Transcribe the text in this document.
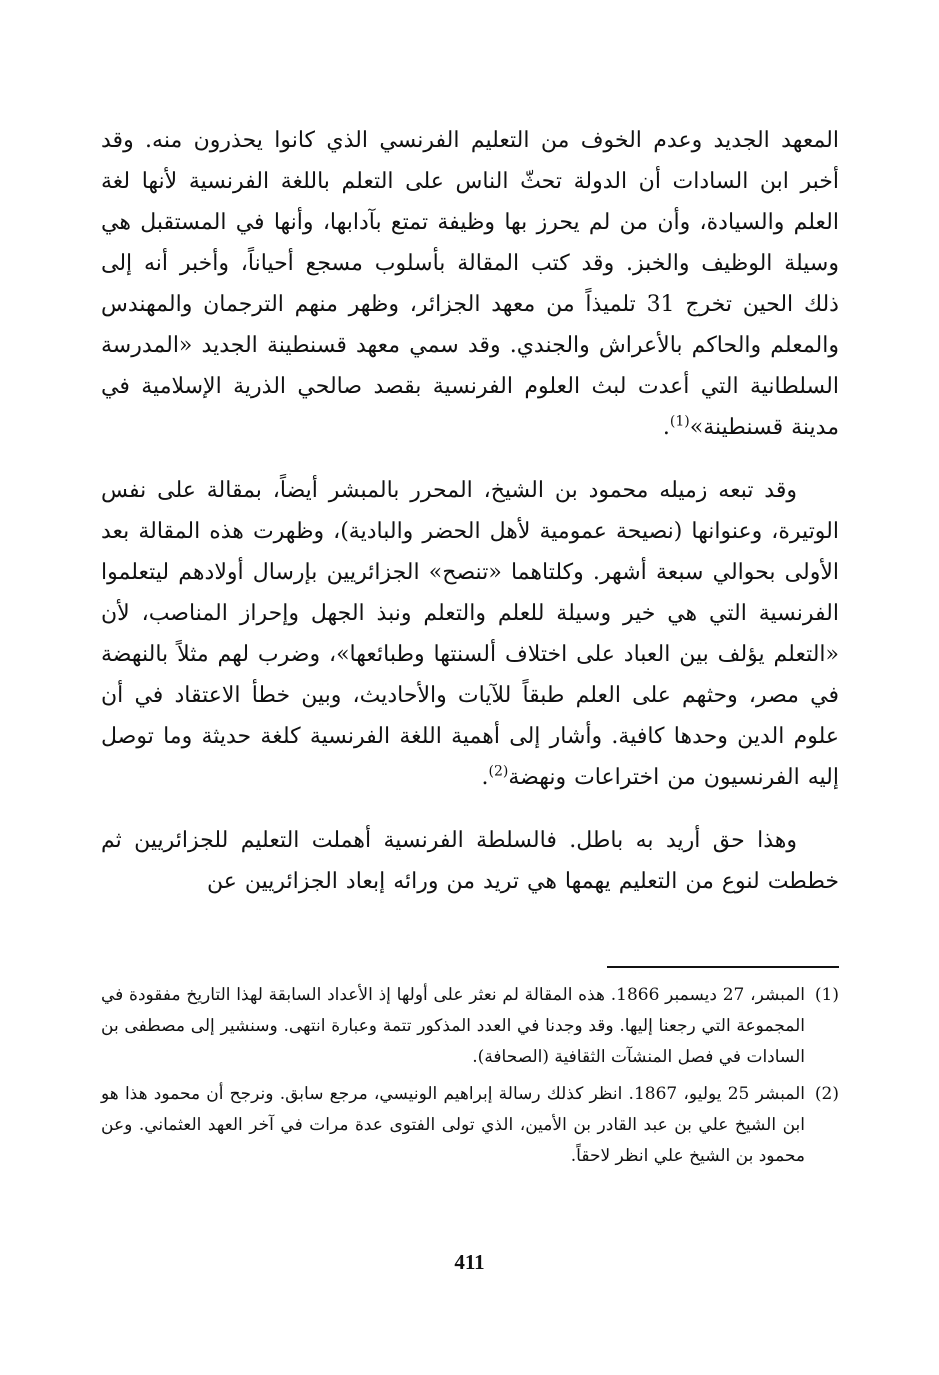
المعهد الجديد وعدم الخوف من التعليم الفرنسي الذي كانوا يحذرون منه. وقد أخبر ابن السادات أن الدولة تحثّ الناس على التعلم باللغة الفرنسية لأنها لغة العلم والسيادة، وأن من لم يحرز بها وظيفة تمتع بآدابها، وأنها في المستقبل هي وسيلة الوظيف والخبز. وقد كتب المقالة بأسلوب مسجع أحياناً، وأخبر أنه إلى ذلك الحين تخرج 31 تلميذاً من معهد الجزائر، وظهر منهم الترجمان والمهندس والمعلم والحاكم بالأعراش والجندي. وقد سمي معهد قسنطينة الجديد «المدرسة السلطانية التي أعدت لبث العلوم الفرنسية بقصد صالحي الذرية الإسلامية في مدينة قسنطينة»$^{(1)}$.

وقد تبعه زميله محمود بن الشيخ، المحرر بالمبشر أيضاً، بمقالة على نفس الوتيرة، وعنوانها (نصيحة عمومية لأهل الحضر والبادية)، وظهرت هذه المقالة بعد الأولى بحوالي سبعة أشهر. وكلتاهما «تنصح» الجزائريين بإرسال أولادهم ليتعلموا الفرنسية التي هي خير وسيلة للعلم والتعلم ونبذ الجهل وإحراز المناصب، لأن «التعلم يؤلف بين العباد على اختلاف ألسنتها وطبائعها»، وضرب لهم مثلاً بالنهضة في مصر، وحثهم على العلم طبقاً للآيات والأحاديث، وبين خطأ الاعتقاد في أن علوم الدين وحدها كافية. وأشار إلى أهمية اللغة الفرنسية كلغة حديثة وما توصل إليه الفرنسيون من اختراعات ونهضة$^{(2)}$.

وهذا حق أريد به باطل. فالسلطة الفرنسية أهملت التعليم للجزائريين ثم خططت لنوع من التعليم يهمها هي تريد من ورائه إبعاد الجزائريين عن

(1)
المبشر، 27 ديسمبر 1866. هذه المقالة لم نعثر على أولها إذ الأعداد السابقة لهذا التاريخ مفقودة في المجموعة التي رجعنا إليها. وقد وجدنا في العدد المذكور تتمة وعبارة انتهى. وسنشير إلى مصطفى بن السادات في فصل المنشآت الثقافية (الصحافة).
(2)
المبشر 25 يوليو، 1867. انظر كذلك رسالة إبراهيم الونيسي، مرجع سابق. ونرجح أن محمود هذا هو ابن الشيخ علي بن عبد القادر بن الأمين، الذي تولى الفتوى عدة مرات في آخر العهد العثماني. وعن محمود بن الشيخ علي انظر لاحقاً.
411
